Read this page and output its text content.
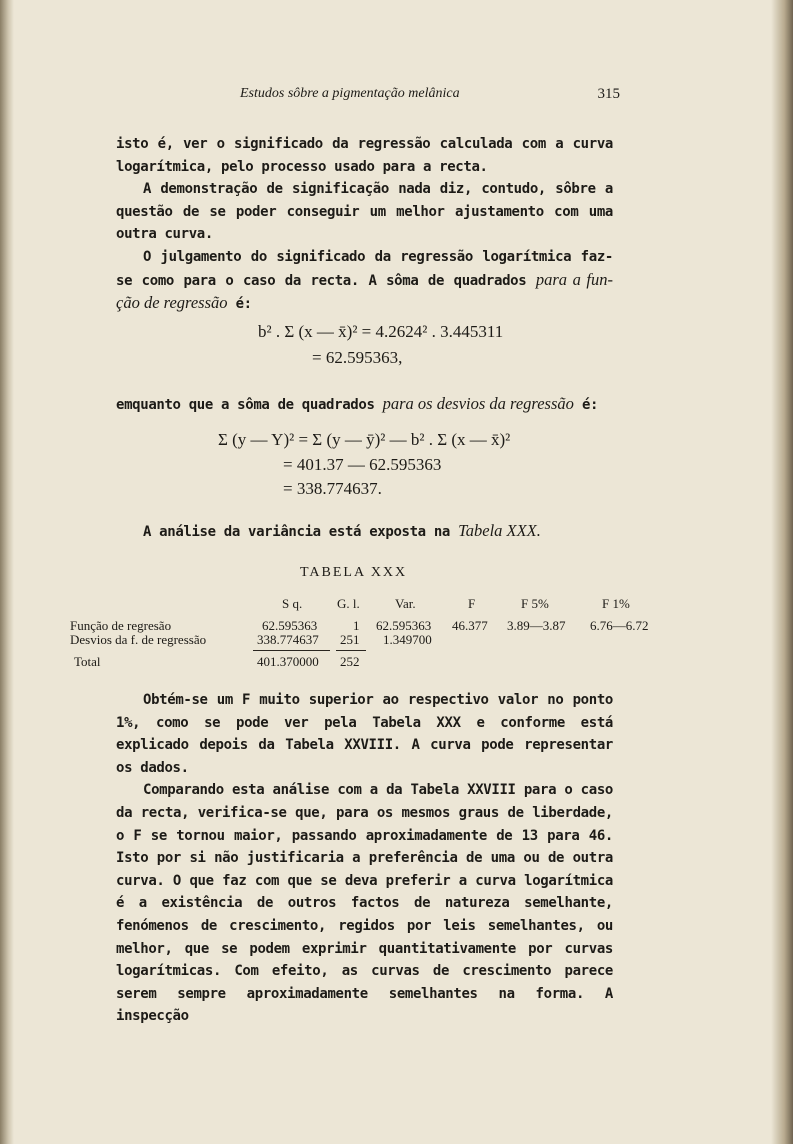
Estudos sôbre a pigmentação melânica	315

isto é, ver o significado da regressão calculada com a curva logarítmica, pelo processo usado para a recta.

A demonstração de significação nada diz, contudo, sôbre a questão de se poder conseguir um melhor ajustamento com uma outra curva.

O julgamento do significado da regressão logarítmica faz-se como para o caso da recta. A sôma de quadrados para a fun-ção de regressão é:

b² . Σ (x — x̄)² = 4.2624² . 3.445311
= 62.595363,

emquanto que a sôma de quadrados para os desvios da regressão é:

Σ (y — Y)² = Σ (y — ȳ)² — b² . Σ (x — x̄)²
= 401.37 — 62.595363
= 338.774637.
A análise da variância está exposta na Tabela XXX.
TABELA XXX
S q.	G. l.	Var.	F	F 5%	F 1%
Função de regresão	62.595363	1 62.595363 46.377 3.89—3.87 6.76—6.72
Desvios da f. de regressão	338.774637 251 1.349700
Total	401.370000 252

Obtém-se um F muito superior ao respectivo valor no ponto 1%, como se pode ver pela Tabela XXX e conforme está explicado depois da Tabela XXVIII. A curva pode representar os dados.

Comparando esta análise com a da Tabela XXVIII para o caso da recta, verifica-se que, para os mesmos graus de liberdade, o F se tornou maior, passando aproximadamente de 13 para 46. Isto por si não justificaria a preferência de uma ou de outra curva. O que faz com que se deva preferir a curva logarítmica é a existência de outros factos de natureza semelhante, fenómenos de crescimento, regidos por leis semelhantes, ou melhor, que se podem exprimir quantitativamente por curvas logarítmicas. Com efeito, as curvas de crescimento parece serem sempre aproximadamente semelhantes na forma. A inspecção
